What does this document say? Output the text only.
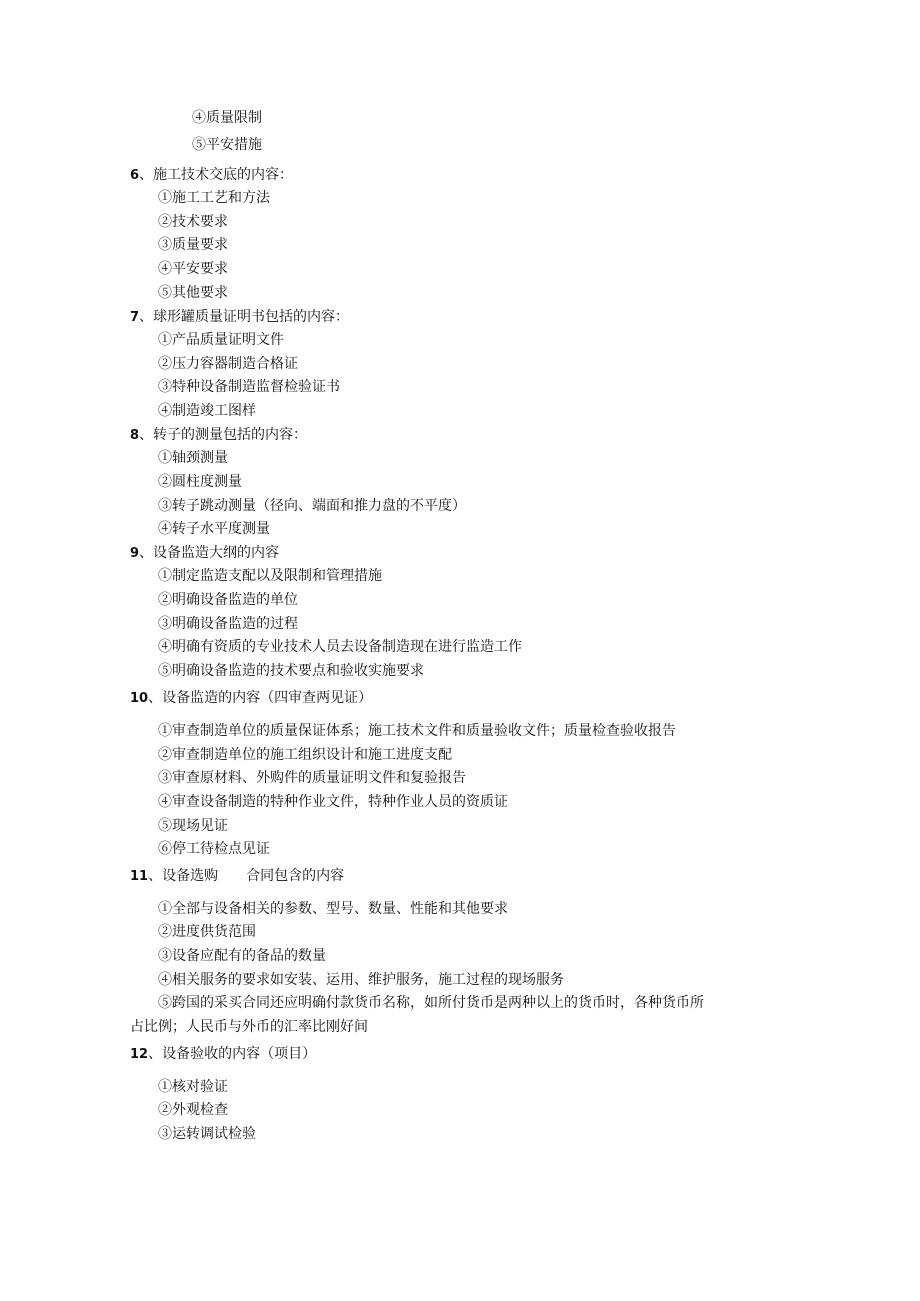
④质量限制
⑤平安措施
6、施工技术交底的内容：
①施工工艺和方法
②技术要求
③质量要求
④平安要求
⑤其他要求
7、球形罐质量证明书包括的内容：
①产品质量证明文件
②压力容器制造合格证
③特种设备制造监督检验证书
④制造竣工图样
8、转子的测量包括的内容：
①轴颈测量
②圆柱度测量
③转子跳动测量（径向、端面和推力盘的不平度）
④转子水平度测量
9、设备监造大纲的内容
①制定监造支配以及限制和管理措施
②明确设备监造的单位
③明确设备监造的过程
④明确有资质的专业技术人员去设备制造现在进行监造工作
⑤明确设备监造的技术要点和验收实施要求
10、设备监造的内容（四审查两见证）
①审查制造单位的质量保证体系；施工技术文件和质量验收文件；质量检查验收报告
②审查制造单位的施工组织设计和施工进度支配
③审查原材料、外购件的质量证明文件和复验报告
④审查设备制造的特种作业文件，特种作业人员的资质证
⑤现场见证
⑥停工待检点见证
11、设备选购　　合同包含的内容
①全部与设备相关的参数、型号、数量、性能和其他要求
②进度供货范围
③设备应配有的备品的数量
④相关服务的要求如安装、运用、维护服务，施工过程的现场服务
⑤跨国的采买合同还应明确付款货币名称，如所付货币是两种以上的货币时，各种货币所
占比例；人民币与外币的汇率比刚好间
12、设备验收的内容（项目）
①核对验证
②外观检查
③运转调试检验
